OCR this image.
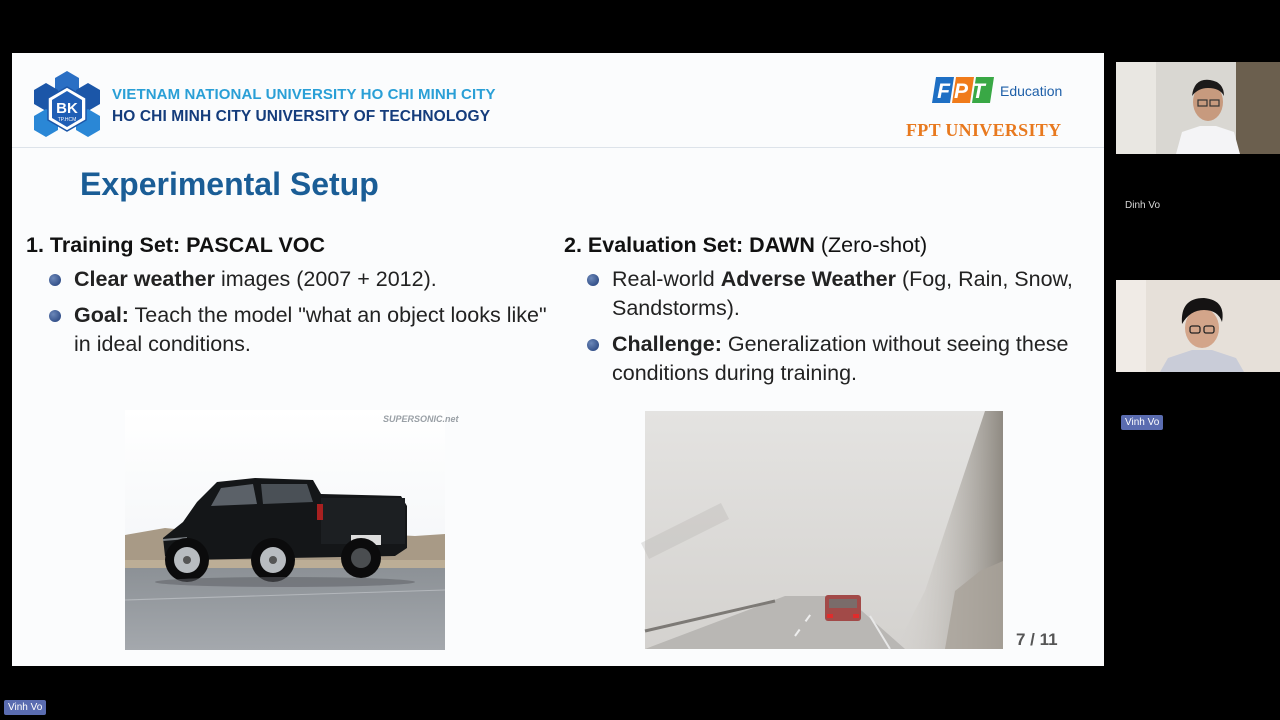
BK
TP.HCM
VIETNAM NATIONAL UNIVERSITY HO CHI MINH CITY
HO CHI MINH CITY UNIVERSITY OF TECHNOLOGY
FPT Education
FPT UNIVERSITY
Experimental Setup
1. Training Set: PASCAL VOC
Clear weather images (2007 + 2012).
Goal: Teach the model "what an object looks like" in ideal conditions.
2. Evaluation Set: DAWN (Zero-shot)
Real-world Adverse Weather (Fog, Rain, Snow, Sandstorms).
Challenge: Generalization without seeing these conditions during training.
SUPERSONIC.net
7 / 11
Dinh Vo
Vinh Vo
Vinh Vo
